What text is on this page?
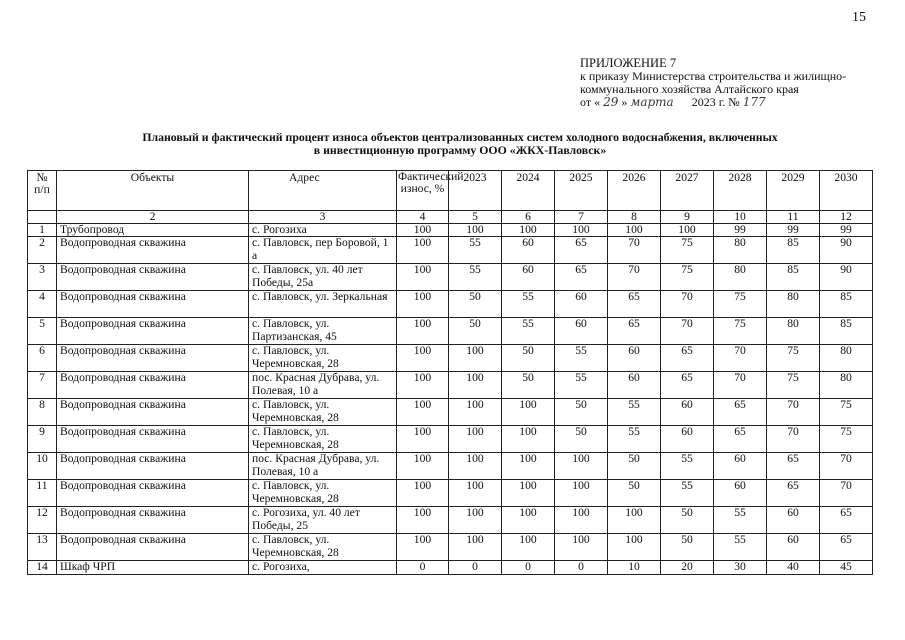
15
ПРИЛОЖЕНИЕ 7
к приказу Министерства строительства и жилищно-
коммунального хозяйства Алтайского края
от « 29 » марта 2023 г. № 177
Плановый и фактический процент износа объектов централизованных систем холодного водоснабжения, включенных
в инвестиционную программу ООО «ЖКХ-Павловск»
№ п/п	Объекты	Адрес	Фактический износ, %	2023	2024	2025	2026	2027	2028	2029	2030
	2	3	4	5	6	7	8	9	10	11	12
1	Трубопровод	с. Рогозиха	100	100	100	100	100	100	99	99	99
2	Водопроводная скважина	с. Павловск, пер Боровой, 1 а	100	55	60	65	70	75	80	85	90
3	Водопроводная скважина	с. Павловск, ул. 40 лет Победы, 25а	100	55	60	65	70	75	80	85	90
4	Водопроводная скважина	с. Павловск, ул. Зеркальная	100	50	55	60	65	70	75	80	85
5	Водопроводная скважина	с. Павловск, ул. Партизанская, 45	100	50	55	60	65	70	75	80	85
6	Водопроводная скважина	с. Павловск, ул. Черемновская, 28	100	100	50	55	60	65	70	75	80
7	Водопроводная скважина	пос. Красная Дубрава, ул. Полевая, 10 а	100	100	50	55	60	65	70	75	80
8	Водопроводная скважина	с. Павловск, ул. Черемновская, 28	100	100	100	50	55	60	65	70	75
9	Водопроводная скважина	с. Павловск, ул. Черемновская, 28	100	100	100	50	55	60	65	70	75
10	Водопроводная скважина	пос. Красная Дубрава, ул. Полевая, 10 а	100	100	100	100	50	55	60	65	70
11	Водопроводная скважина	с. Павловск, ул. Черемновская, 28	100	100	100	100	50	55	60	65	70
12	Водопроводная скважина	с. Рогозиха, ул. 40 лет Победы, 25	100	100	100	100	100	50	55	60	65
13	Водопроводная скважина	с. Павловск, ул. Черемновская, 28	100	100	100	100	100	50	55	60	65
14	Шкаф ЧРП	с. Рогозиха,	0	0	0	0	10	20	30	40	45
